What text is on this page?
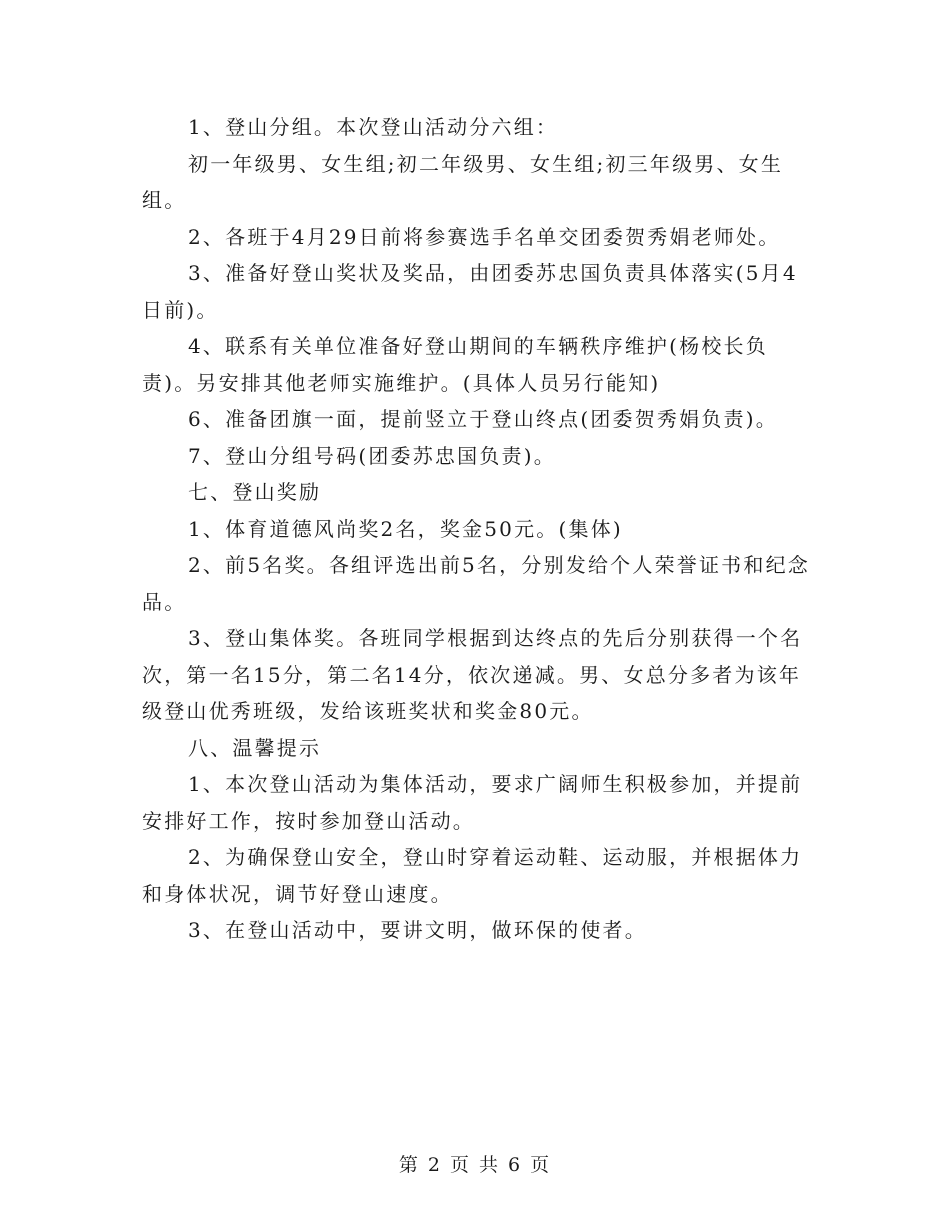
1、登山分组。本次登山活动分六组：

初一年级男、女生组;初二年级男、女生组;初三年级男、女生组。

2、各班于4月29日前将参赛选手名单交团委贺秀娟老师处。

3、准备好登山奖状及奖品，由团委苏忠国负责具体落实(5月4日前)。

4、联系有关单位准备好登山期间的车辆秩序维护(杨校长负责)。另安排其他老师实施维护。(具体人员另行能知)

6、准备团旗一面，提前竖立于登山终点(团委贺秀娟负责)。

7、登山分组号码(团委苏忠国负责)。

七、登山奖励

1、体育道德风尚奖2名，奖金50元。(集体)

2、前5名奖。各组评选出前5名，分别发给个人荣誉证书和纪念品。

3、登山集体奖。各班同学根据到达终点的先后分别获得一个名次，第一名15分，第二名14分，依次递减。男、女总分多者为该年级登山优秀班级，发给该班奖状和奖金80元。

八、温馨提示

1、本次登山活动为集体活动，要求广阔师生积极参加，并提前安排好工作，按时参加登山活动。

2、为确保登山安全，登山时穿着运动鞋、运动服，并根据体力和身体状况，调节好登山速度。

3、在登山活动中，要讲文明，做环保的使者。

第 2 页 共 6 页
